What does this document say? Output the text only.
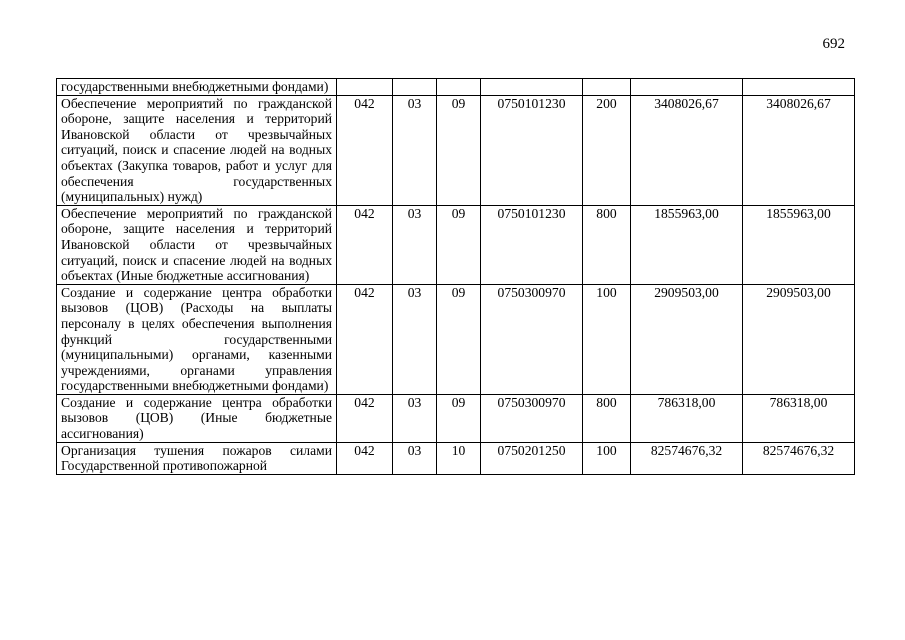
692
государственными внебюджетными фондами)							
Обеспечение мероприятий по гражданской обороне, защите населения и территорий Ивановской области от чрезвычайных ситуаций, поиск и спасение людей на водных объектах (Закупка товаров, работ и услуг для обеспечения государственных (муниципальных) нужд)	042	03	09	0750101230	200	3408026,67	3408026,67
Обеспечение мероприятий по гражданской обороне, защите населения и территорий Ивановской области от чрезвычайных ситуаций, поиск и спасение людей на водных объектах (Иные бюджетные ассигнования)	042	03	09	0750101230	800	1855963,00	1855963,00
Создание и содержание центра обработки вызовов (ЦОВ) (Расходы на выплаты персоналу в целях обеспечения выполнения функций государственными (муниципальными) органами, казенными учреждениями, органами управления государственными внебюджетными фондами)	042	03	09	0750300970	100	2909503,00	2909503,00
Создание и содержание центра обработки вызовов (ЦОВ) (Иные бюджетные ассигнования)	042	03	09	0750300970	800	786318,00	786318,00
Организация тушения пожаров силами Государственной противопожарной	042	03	10	0750201250	100	82574676,32	82574676,32
